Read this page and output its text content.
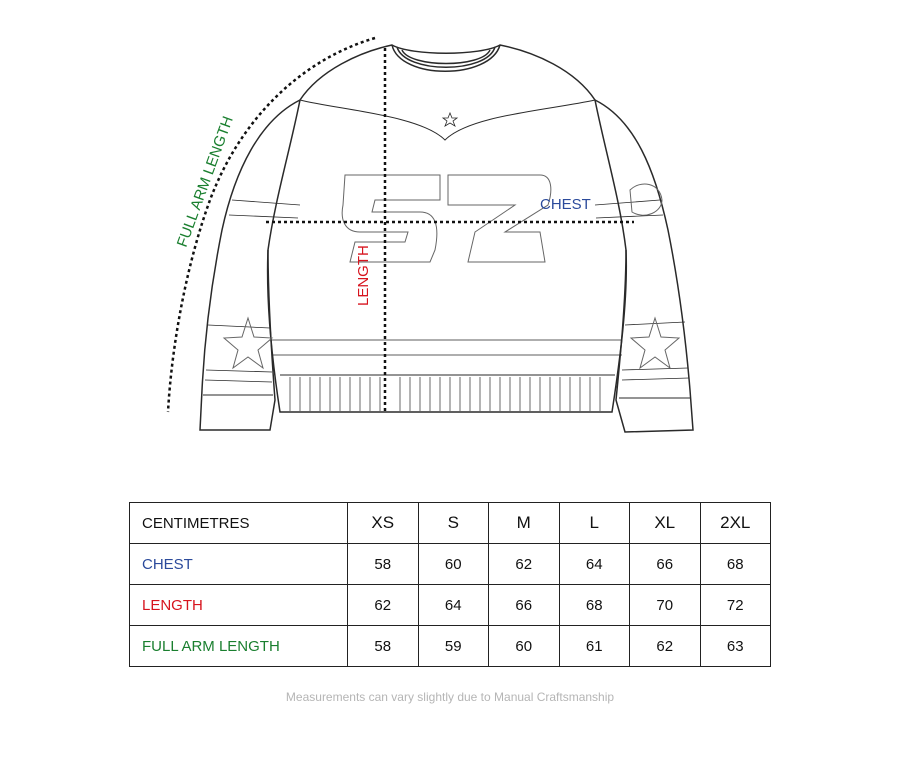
CHEST
LENGTH
FULL ARM LENGTH
CENTIMETRES	XS	S	M	L	XL	2XL
CHEST	58	60	62	64	66	68
LENGTH	62	64	66	68	70	72
FULL ARM LENGTH	58	59	60	61	62	63
Measurements can vary slightly due to Manual Craftsmanship
